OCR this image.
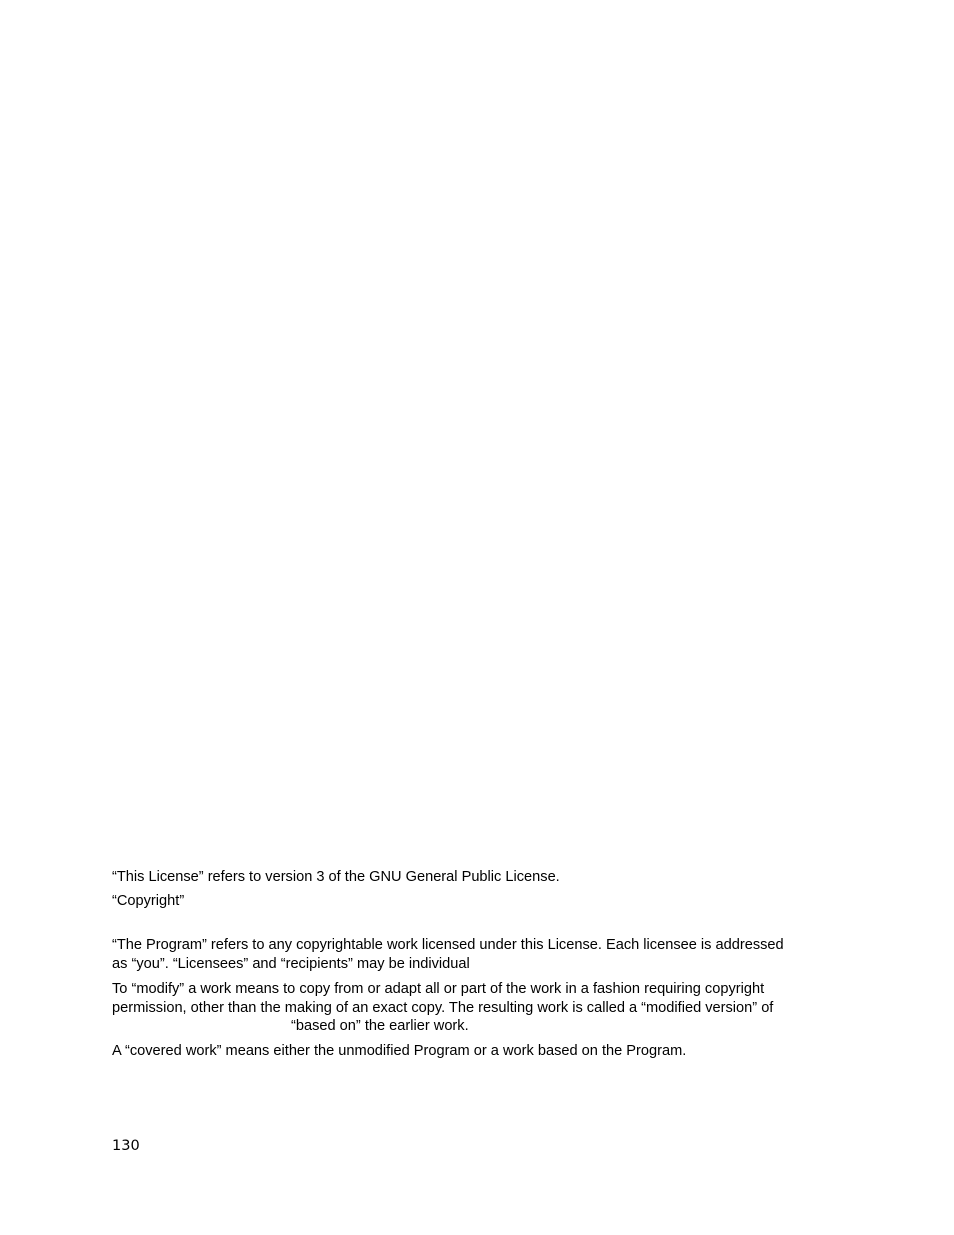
“This License” refers to version 3 of the GNU General Public License.
“Copyright”
“The Program” refers to any copyrightable work licensed under this License. Each licensee is addressed
as “you”. “Licensees” and “recipients” may be individual
To “modify” a work means to copy from or adapt all or part of the work in a fashion requiring copyright
permission, other than the making of an exact copy. The resulting work is called a “modified version” of
“based on” the earlier work.
A “covered work” means either the unmodified Program or a work based on the Program.
130
